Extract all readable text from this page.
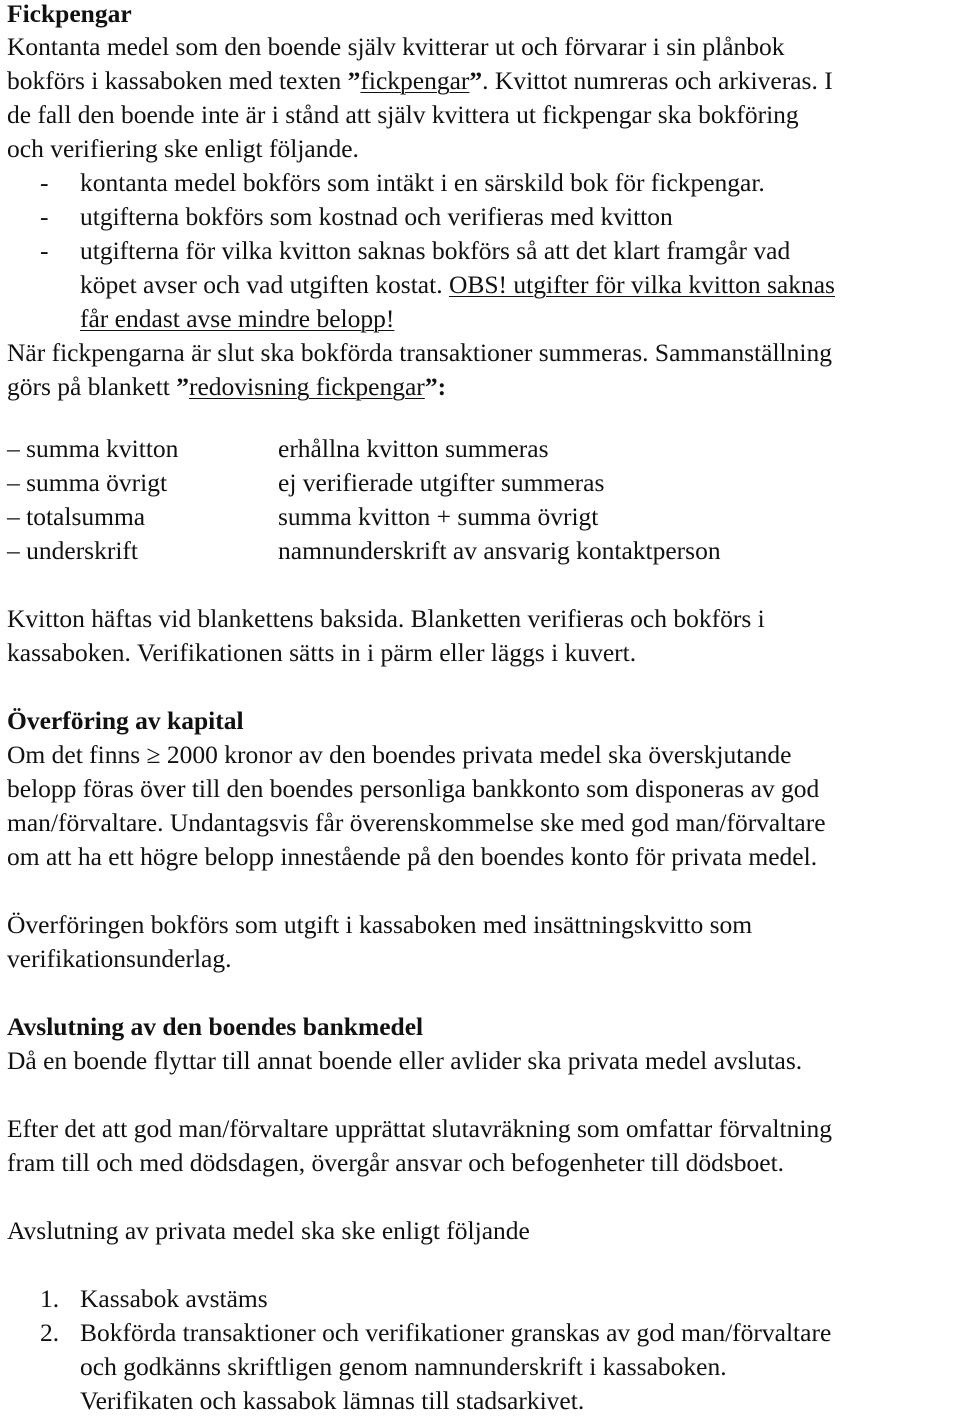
Fickpengar
Kontanta medel som den boende själv kvitterar ut och förvarar i sin plånbok
bokförs i kassaboken med texten ”fickpengar”. Kvittot numreras och arkiveras. I
de fall den boende inte är i stånd att själv kvittera ut fickpengar ska bokföring
och verifiering ske enligt följande.
- kontanta medel bokförs som intäkt i en särskild bok för fickpengar.
- utgifterna bokförs som kostnad och verifieras med kvitton
- utgifterna för vilka kvitton saknas bokförs så att det klart framgår vad
köpet avser och vad utgiften kostat. OBS! utgifter för vilka kvitton saknas
får endast avse mindre belopp!
När fickpengarna är slut ska bokförda transaktioner summeras. Sammanställning
görs på blankett ”redovisning fickpengar”:
– summa kvitton	erhållna kvitton summeras
– summa övrigt	ej verifierade utgifter summeras
– totalsumma	summa kvitton + summa övrigt
– underskrift	namnunderskrift av ansvarig kontaktperson
Kvitton häftas vid blankettens baksida. Blanketten verifieras och bokförs i
kassaboken. Verifikationen sätts in i pärm eller läggs i kuvert.
Överföring av kapital
Om det finns ≥ 2000 kronor av den boendes privata medel ska överskjutande
belopp föras över till den boendes personliga bankkonto som disponeras av god
man/förvaltare. Undantagsvis får överenskommelse ske med god man/förvaltare
om att ha ett högre belopp innestående på den boendes konto för privata medel.
Överföringen bokförs som utgift i kassaboken med insättningskvitto som
verifikationsunderlag.
Avslutning av den boendes bankmedel
Då en boende flyttar till annat boende eller avlider ska privata medel avslutas.
Efter det att god man/förvaltare upprättat slutavräkning som omfattar förvaltning
fram till och med dödsdagen, övergår ansvar och befogenheter till dödsboet.
Avslutning av privata medel ska ske enligt följande
1. Kassabok avstäms
2. Bokförda transaktioner och verifikationer granskas av god man/förvaltare
och godkänns skriftligen genom namnunderskrift i kassaboken.
Verifikaten och kassabok lämnas till stadsarkivet.
